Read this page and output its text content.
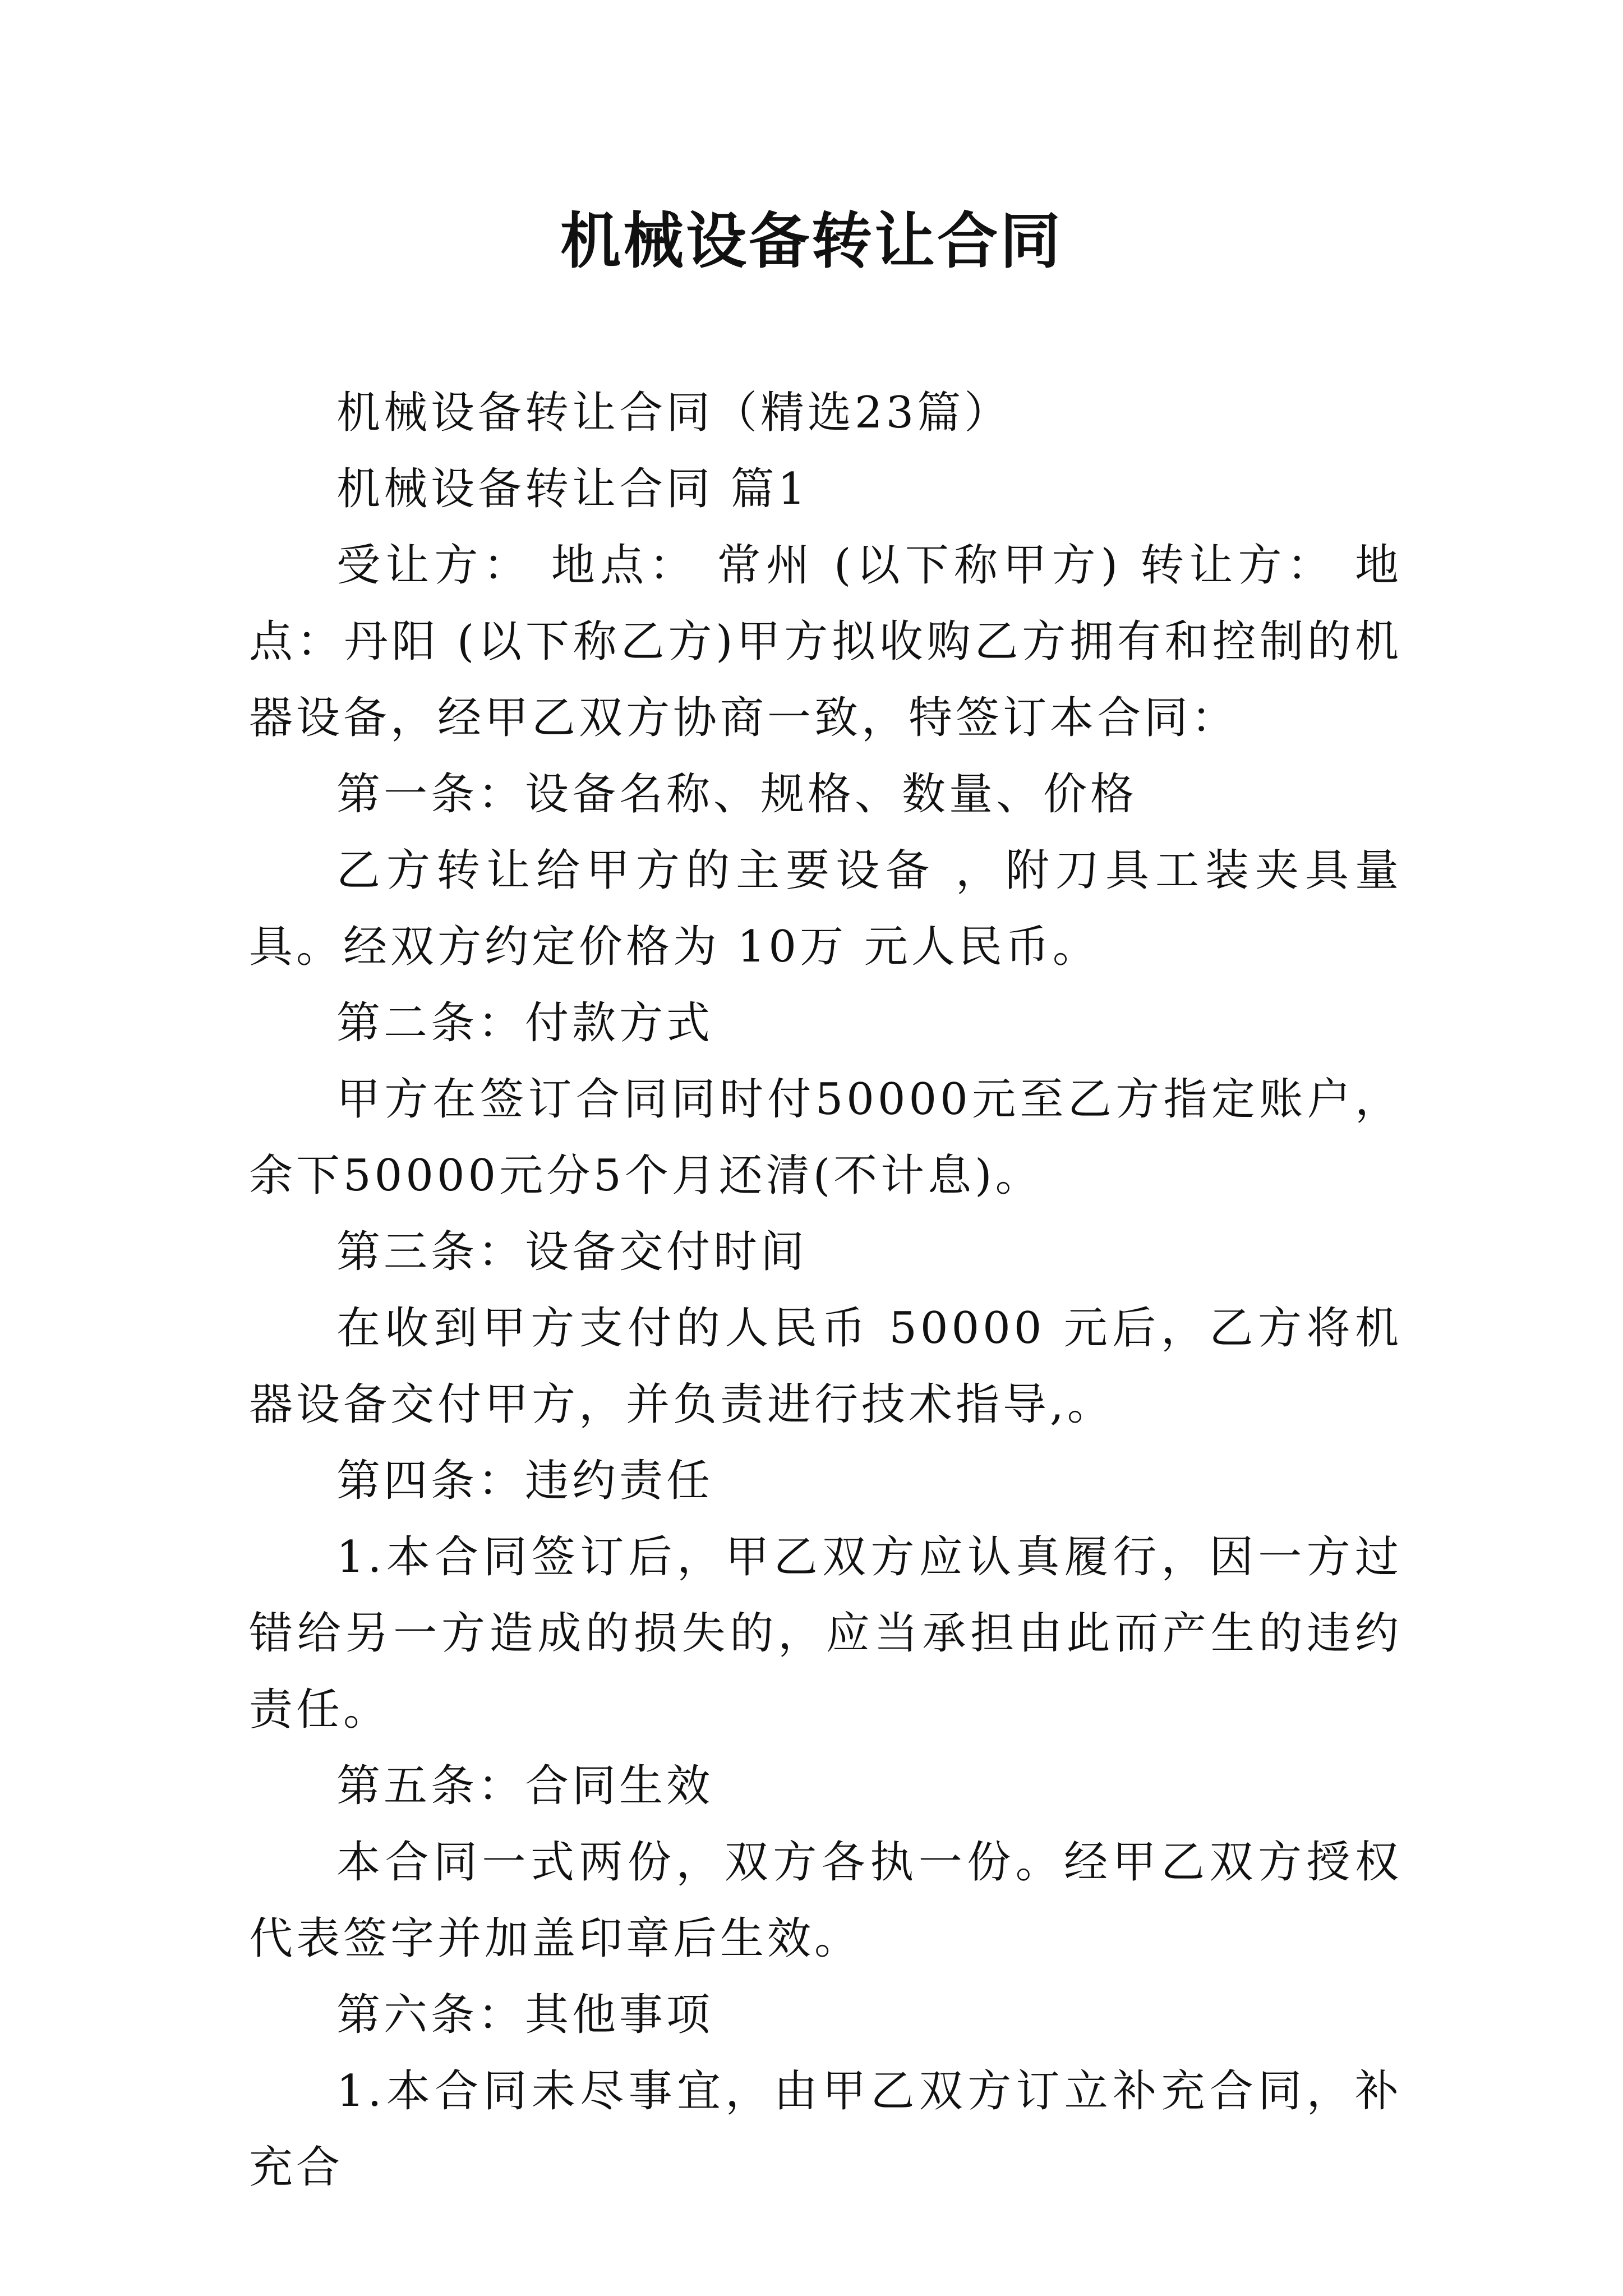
机械设备转让合同

机械设备转让合同（精选23篇）

机械设备转让合同 篇1

受让方： 地点： 常州 (以下称甲方) 转让方： 地点：丹阳 (以下称乙方)甲方拟收购乙方拥有和控制的机器设备，经甲乙双方协商一致，特签订本合同：

第一条：设备名称、规格、数量、价格

乙方转让给甲方的主要设备 ，附刀具工装夹具量具。经双方约定价格为 10万 元人民币。

第二条：付款方式

甲方在签订合同同时付50000元至乙方指定账户，余下50000元分5个月还清(不计息)。

第三条：设备交付时间

在收到甲方支付的人民币 50000 元后，乙方将机器设备交付甲方，并负责进行技术指导,。

第四条：违约责任

1.本合同签订后，甲乙双方应认真履行，因一方过错给另一方造成的损失的，应当承担由此而产生的违约责任。

第五条：合同生效

本合同一式两份，双方各执一份。经甲乙双方授权代表签字并加盖印章后生效。

第六条：其他事项

1.本合同未尽事宜，由甲乙双方订立补充合同，补充合
